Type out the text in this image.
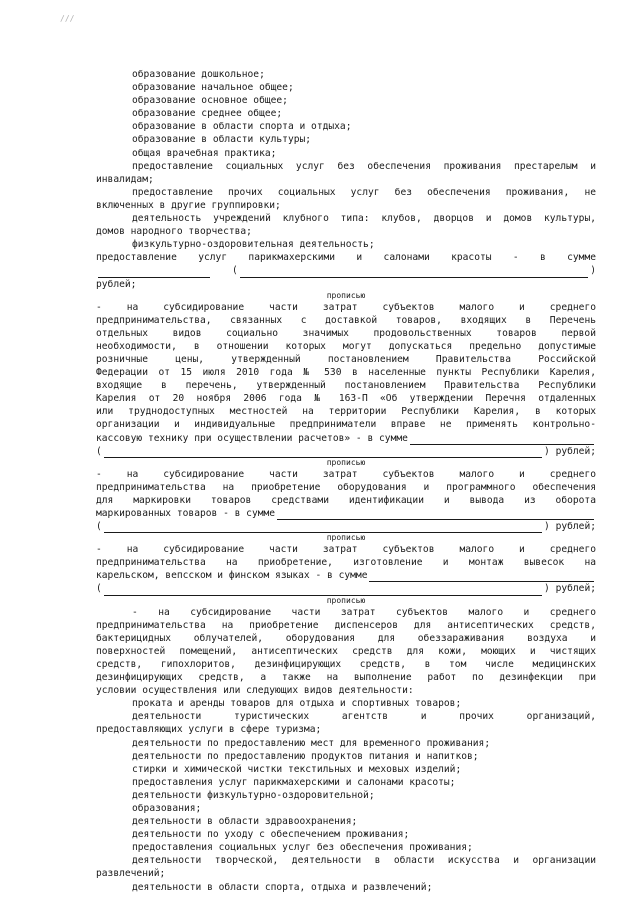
∕∕∕
образование дошкольное;
образование начальное общее;
образование основное общее;
образование среднее общее;
образование в области спорта и отдыха;
образование в области культуры;
общая врачебная практика;
предоставление социальных услуг без обеспечения проживания престарелым и
инвалидам;
предоставление прочих социальных услуг без обеспечения проживания, не
включенных в другие группировки;
деятельность учреждений клубного типа: клубов, дворцов и домов культуры,
домов народного творчества;
физкультурно-оздоровительная деятельность;
предоставление услуг парикмахерскими и салонами красоты - в сумме
(	)
рублей;
прописью
- на субсидирование части затрат субъектов малого и среднего
предпринимательства, связанных с доставкой товаров, входящих в Перечень
отдельных видов социально значимых продовольственных товаров первой
необходимости, в отношении которых могут допускаться предельно допустимые
розничные цены, утвержденный постановлением Правительства Российской
Федерации от 15 июля 2010 года № 530 в населенные пункты Республики Карелия,
входящие в перечень, утвержденный постановлением Правительства Республики
Карелия от 20 ноября 2006 года № 163-П «Об утверждении Перечня отдаленных
или труднодоступных местностей на территории Республики Карелия, в которых
организации и индивидуальные предприниматели вправе не применять контрольно-
кассовую технику при осуществлении расчетов» - в сумме
(	) рублей;
прописью
- на субсидирование части затрат субъектов малого и среднего
предпринимательства на приобретение оборудования и программного обеспечения
для маркировки товаров средствами идентификации и вывода из оборота
маркированных товаров - в сумме
(	) рублей;
прописью
- на субсидирование части затрат субъектов малого и среднего
предпринимательства на приобретение, изготовление и монтаж вывесок на
карельском, вепсском и финском языках - в сумме
(	) рублей;
прописью
- на субсидирование части затрат субъектов малого и среднего
предпринимательства на приобретение диспенсеров для антисептических средств,
бактерицидных облучателей, оборудования для обеззараживания воздуха и
поверхностей помещений, антисептических средств для кожи, моющих и чистящих
средств, гипохлоритов, дезинфицирующих средств, в том числе медицинских
дезинфицирующих средств, а также на выполнение работ по дезинфекции при
условии осуществления или следующих видов деятельности:
проката и аренды товаров для отдыха и спортивных товаров;
деятельности туристических агентств и прочих организаций,
предоставляющих услуги в сфере туризма;
деятельности по предоставлению мест для временного проживания;
деятельности по предоставлению продуктов питания и напитков;
стирки и химической чистки текстильных и меховых изделий;
предоставления услуг парикмахерскими и салонами красоты;
деятельности физкультурно-оздоровительной;
образования;
деятельности в области здравоохранения;
деятельности по уходу с обеспечением проживания;
предоставления социальных услуг без обеспечения проживания;
деятельности творческой, деятельности в области искусства и организации
развлечений;
деятельности в области спорта, отдыха и развлечений;
